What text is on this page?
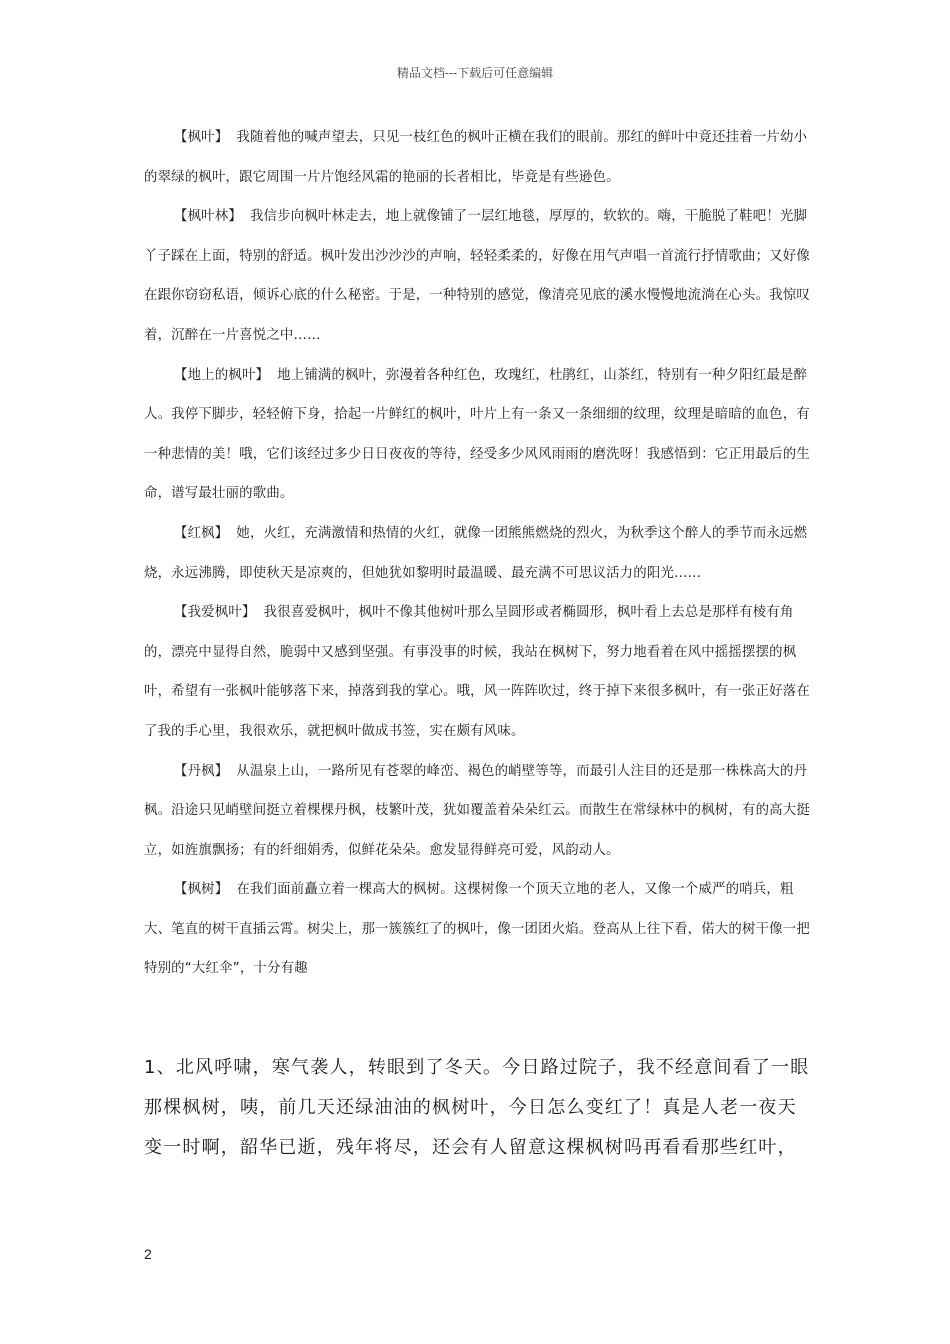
精品文档---下载后可任意编辑

【枫叶】 我随着他的喊声望去，只见一枝红色的枫叶正横在我们的眼前。那红的鲜叶中竟还挂着一片幼小的翠绿的枫叶，跟它周围一片片饱经风霜的艳丽的长者相比，毕竟是有些逊色。

【枫叶林】 我信步向枫叶林走去，地上就像铺了一层红地毯，厚厚的，软软的。嗨，干脆脱了鞋吧！光脚丫子踩在上面，特别的舒适。枫叶发出沙沙沙的声响，轻轻柔柔的，好像在用气声唱一首流行抒情歌曲；又好像在跟你窃窃私语，倾诉心底的什么秘密。于是，一种特别的感觉，像清亮见底的溪水慢慢地流淌在心头。我惊叹着，沉醉在一片喜悦之中……

【地上的枫叶】 地上铺满的枫叶，弥漫着各种红色，玫瑰红，杜鹃红，山茶红，特别有一种夕阳红最是醉人。我停下脚步，轻轻俯下身，拾起一片鲜红的枫叶，叶片上有一条又一条细细的纹理，纹理是暗暗的血色，有一种悲情的美！哦，它们该经过多少日日夜夜的等待，经受多少风风雨雨的磨洗呀！我感悟到：它正用最后的生命，谱写最壮丽的歌曲。

【红枫】 她，火红，充满激情和热情的火红，就像一团熊熊燃烧的烈火，为秋季这个醉人的季节而永远燃烧，永远沸腾，即使秋天是凉爽的，但她犹如黎明时最温暖、最充满不可思议活力的阳光……

【我爱枫叶】 我很喜爱枫叶，枫叶不像其他树叶那么呈圆形或者椭圆形，枫叶看上去总是那样有棱有角的，漂亮中显得自然，脆弱中又感到坚强。有事没事的时候，我站在枫树下，努力地看着在风中摇摇摆摆的枫叶，希望有一张枫叶能够落下来，掉落到我的掌心。哦，风一阵阵吹过，终于掉下来很多枫叶，有一张正好落在了我的手心里，我很欢乐，就把枫叶做成书签，实在颇有风味。

【丹枫】 从温泉上山，一路所见有苍翠的峰峦、褐色的峭壁等等，而最引人注目的还是那一株株高大的丹枫。沿途只见峭壁间挺立着棵棵丹枫，枝繁叶茂，犹如覆盖着朵朵红云。而散生在常绿林中的枫树，有的高大挺立，如旌旗飘扬；有的纤细娟秀，似鲜花朵朵。愈发显得鲜亮可爱，风韵动人。

【枫树】 在我们面前矗立着一棵高大的枫树。这棵树像一个顶天立地的老人，又像一个威严的哨兵，粗大、笔直的树干直插云霄。树尖上，那一簇簇红了的枫叶，像一团团火焰。登高从上往下看，偌大的树干像一把特别的“大红伞”，十分有趣

1、北风呼啸，寒气袭人，转眼到了冬天。今日路过院子，我不经意间看了一眼那棵枫树，咦，前几天还绿油油的枫树叶，今日怎么变红了！真是人老一夜天变一时啊，韶华已逝，残年将尽，还会有人留意这棵枫树吗再看看那些红叶，

2
